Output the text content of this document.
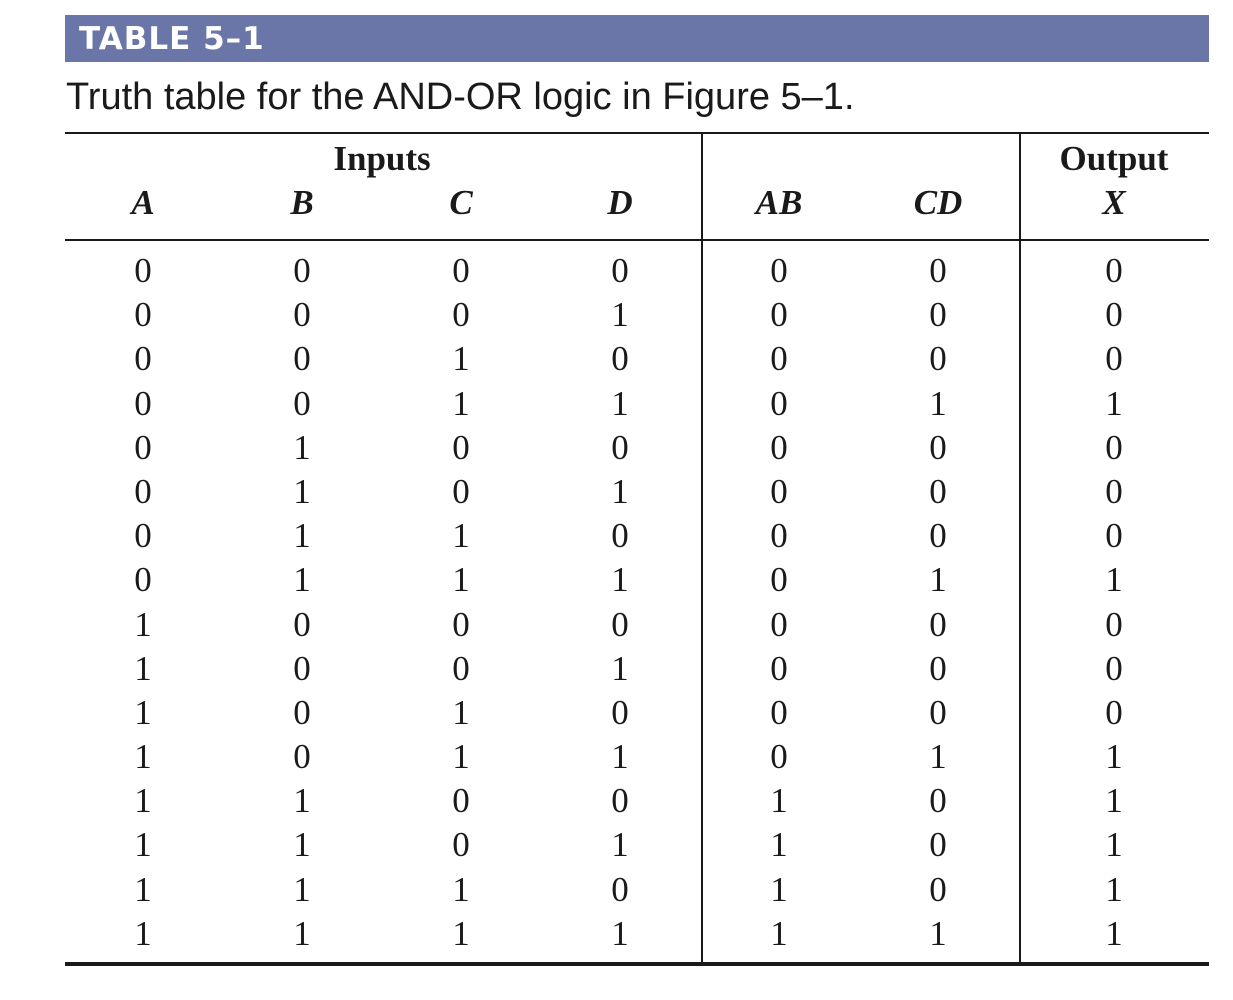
TABLE 5–1
Truth table for the AND-OR logic in Figure 5–1.
Inputs	Output
A	B	C	D	AB	CD	X
0	0	0	0	0	0	0
0	0	0	1	0	0	0
0	0	1	0	0	0	0
0	0	1	1	0	1	1
0	1	0	0	0	0	0
0	1	0	1	0	0	0
0	1	1	0	0	0	0
0	1	1	1	0	1	1
1	0	0	0	0	0	0
1	0	0	1	0	0	0
1	0	1	0	0	0	0
1	0	1	1	0	1	1
1	1	0	0	1	0	1
1	1	0	1	1	0	1
1	1	1	0	1	0	1
1	1	1	1	1	1	1
